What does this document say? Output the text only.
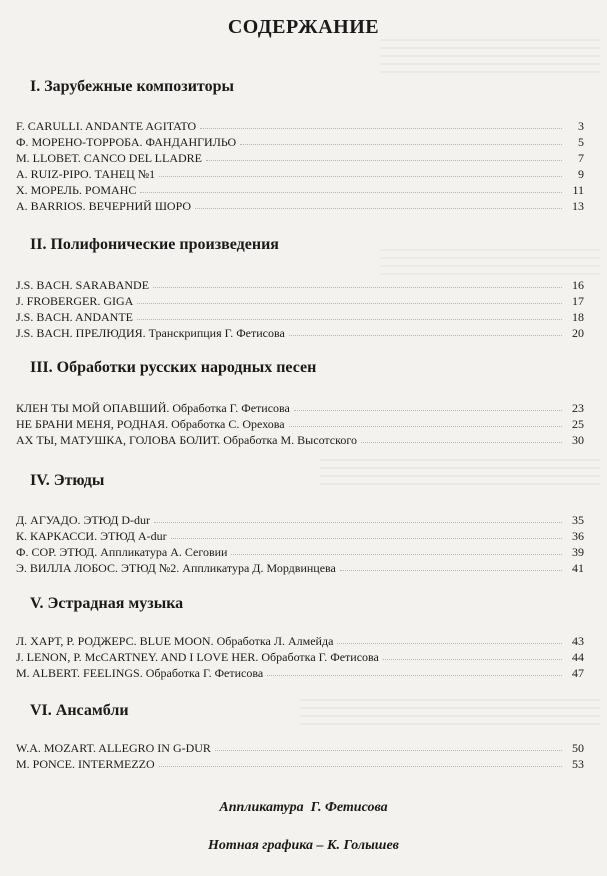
СОДЕРЖАНИЕ
I. Зарубежные композиторы
F. CARULLI. ANDANTE AGITATO	3
Ф. МОРЕНО-ТОРРОБА. ФАНДАНГИЛЬО	5
M. LLOBET. CANCO DEL LLADRE	7
A. RUIZ-PIPO. ТАНЕЦ №1	9
Х. МОРЕЛЬ. РОМАНС	11
A. BARRIOS. ВЕЧЕРНИЙ ШОРО	13
II. Полифонические произведения
J.S. BACH. SARABANDE	16
J. FROBERGER. GIGA	17
J.S. BACH. ANDANTE	18
J.S. BACH. ПРЕЛЮДИЯ. Транскрипция Г. Фетисова	20
III. Обработки русских народных песен
КЛЕН ТЫ МОЙ ОПАВШИЙ. Обработка Г. Фетисова	23
НЕ БРАНИ МЕНЯ, РОДНАЯ. Обработка С. Орехова	25
АХ ТЫ, МАТУШКА, ГОЛОВА БОЛИТ. Обработка М. Высотского	30
IV. Этюды
Д. АГУАДО. ЭТЮД D-dur	35
К. КАРКАССИ. ЭТЮД A-dur	36
Ф. СОР. ЭТЮД. Аппликатура А. Сеговии	39
Э. ВИЛЛА ЛОБОС. ЭТЮД №2. Аппликатура Д. Мордвинцева	41
V. Эстрадная музыка
Л. ХАРТ, Р. РОДЖЕРС. BLUE MOON. Обработка Л. Алмейда	43
J. LENON, P. McCARTNEY. AND I LOVE HER. Обработка Г. Фетисова	44
M. ALBERT. FEELINGS. Обработка Г. Фетисова	47
VI. Ансамбли
W.A. MOZART. ALLEGRO IN G-DUR	50
M. PONCE. INTERMEZZO	53
Аппликатура  Г. Фетисова
Нотная графика – К. Голышев
